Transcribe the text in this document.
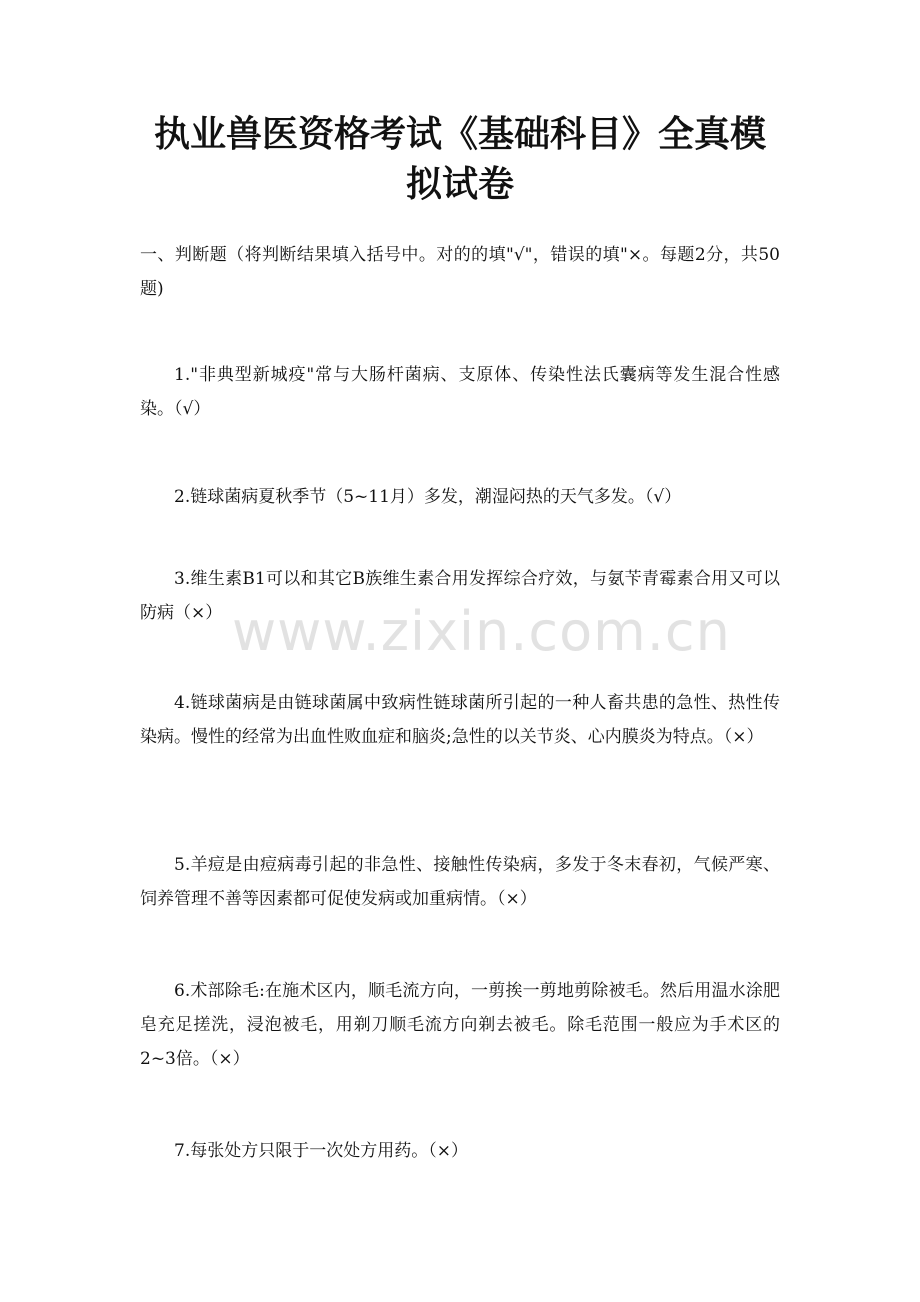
执业兽医资格考试《基础科目》全真模拟试卷

一、判断题（将判断结果填入括号中。对的的填"√"，错误的填"×。每题2分，共50题)

1."非典型新城疫"常与大肠杆菌病、支原体、传染性法氏囊病等发生混合性感染。（√）

2.链球菌病夏秋季节（5~11月）多发，潮湿闷热的天气多发。（√）

3.维生素B1可以和其它B族维生素合用发挥综合疗效，与氨苄青霉素合用又可以防病（×）

4.链球菌病是由链球菌属中致病性链球菌所引起的一种人畜共患的急性、热性传染病。慢性的经常为出血性败血症和脑炎;急性的以关节炎、心内膜炎为特点。（×）

5.羊痘是由痘病毒引起的非急性、接触性传染病，多发于冬末春初，气候严寒、饲养管理不善等因素都可促使发病或加重病情。（×）

6.术部除毛:在施术区内，顺毛流方向，一剪挨一剪地剪除被毛。然后用温水涂肥皂充足搓洗，浸泡被毛，用剃刀顺毛流方向剃去被毛。除毛范围一般应为手术区的2~3倍。（×）

7.每张处方只限于一次处方用药。（×）

www.zixin.com.cn
